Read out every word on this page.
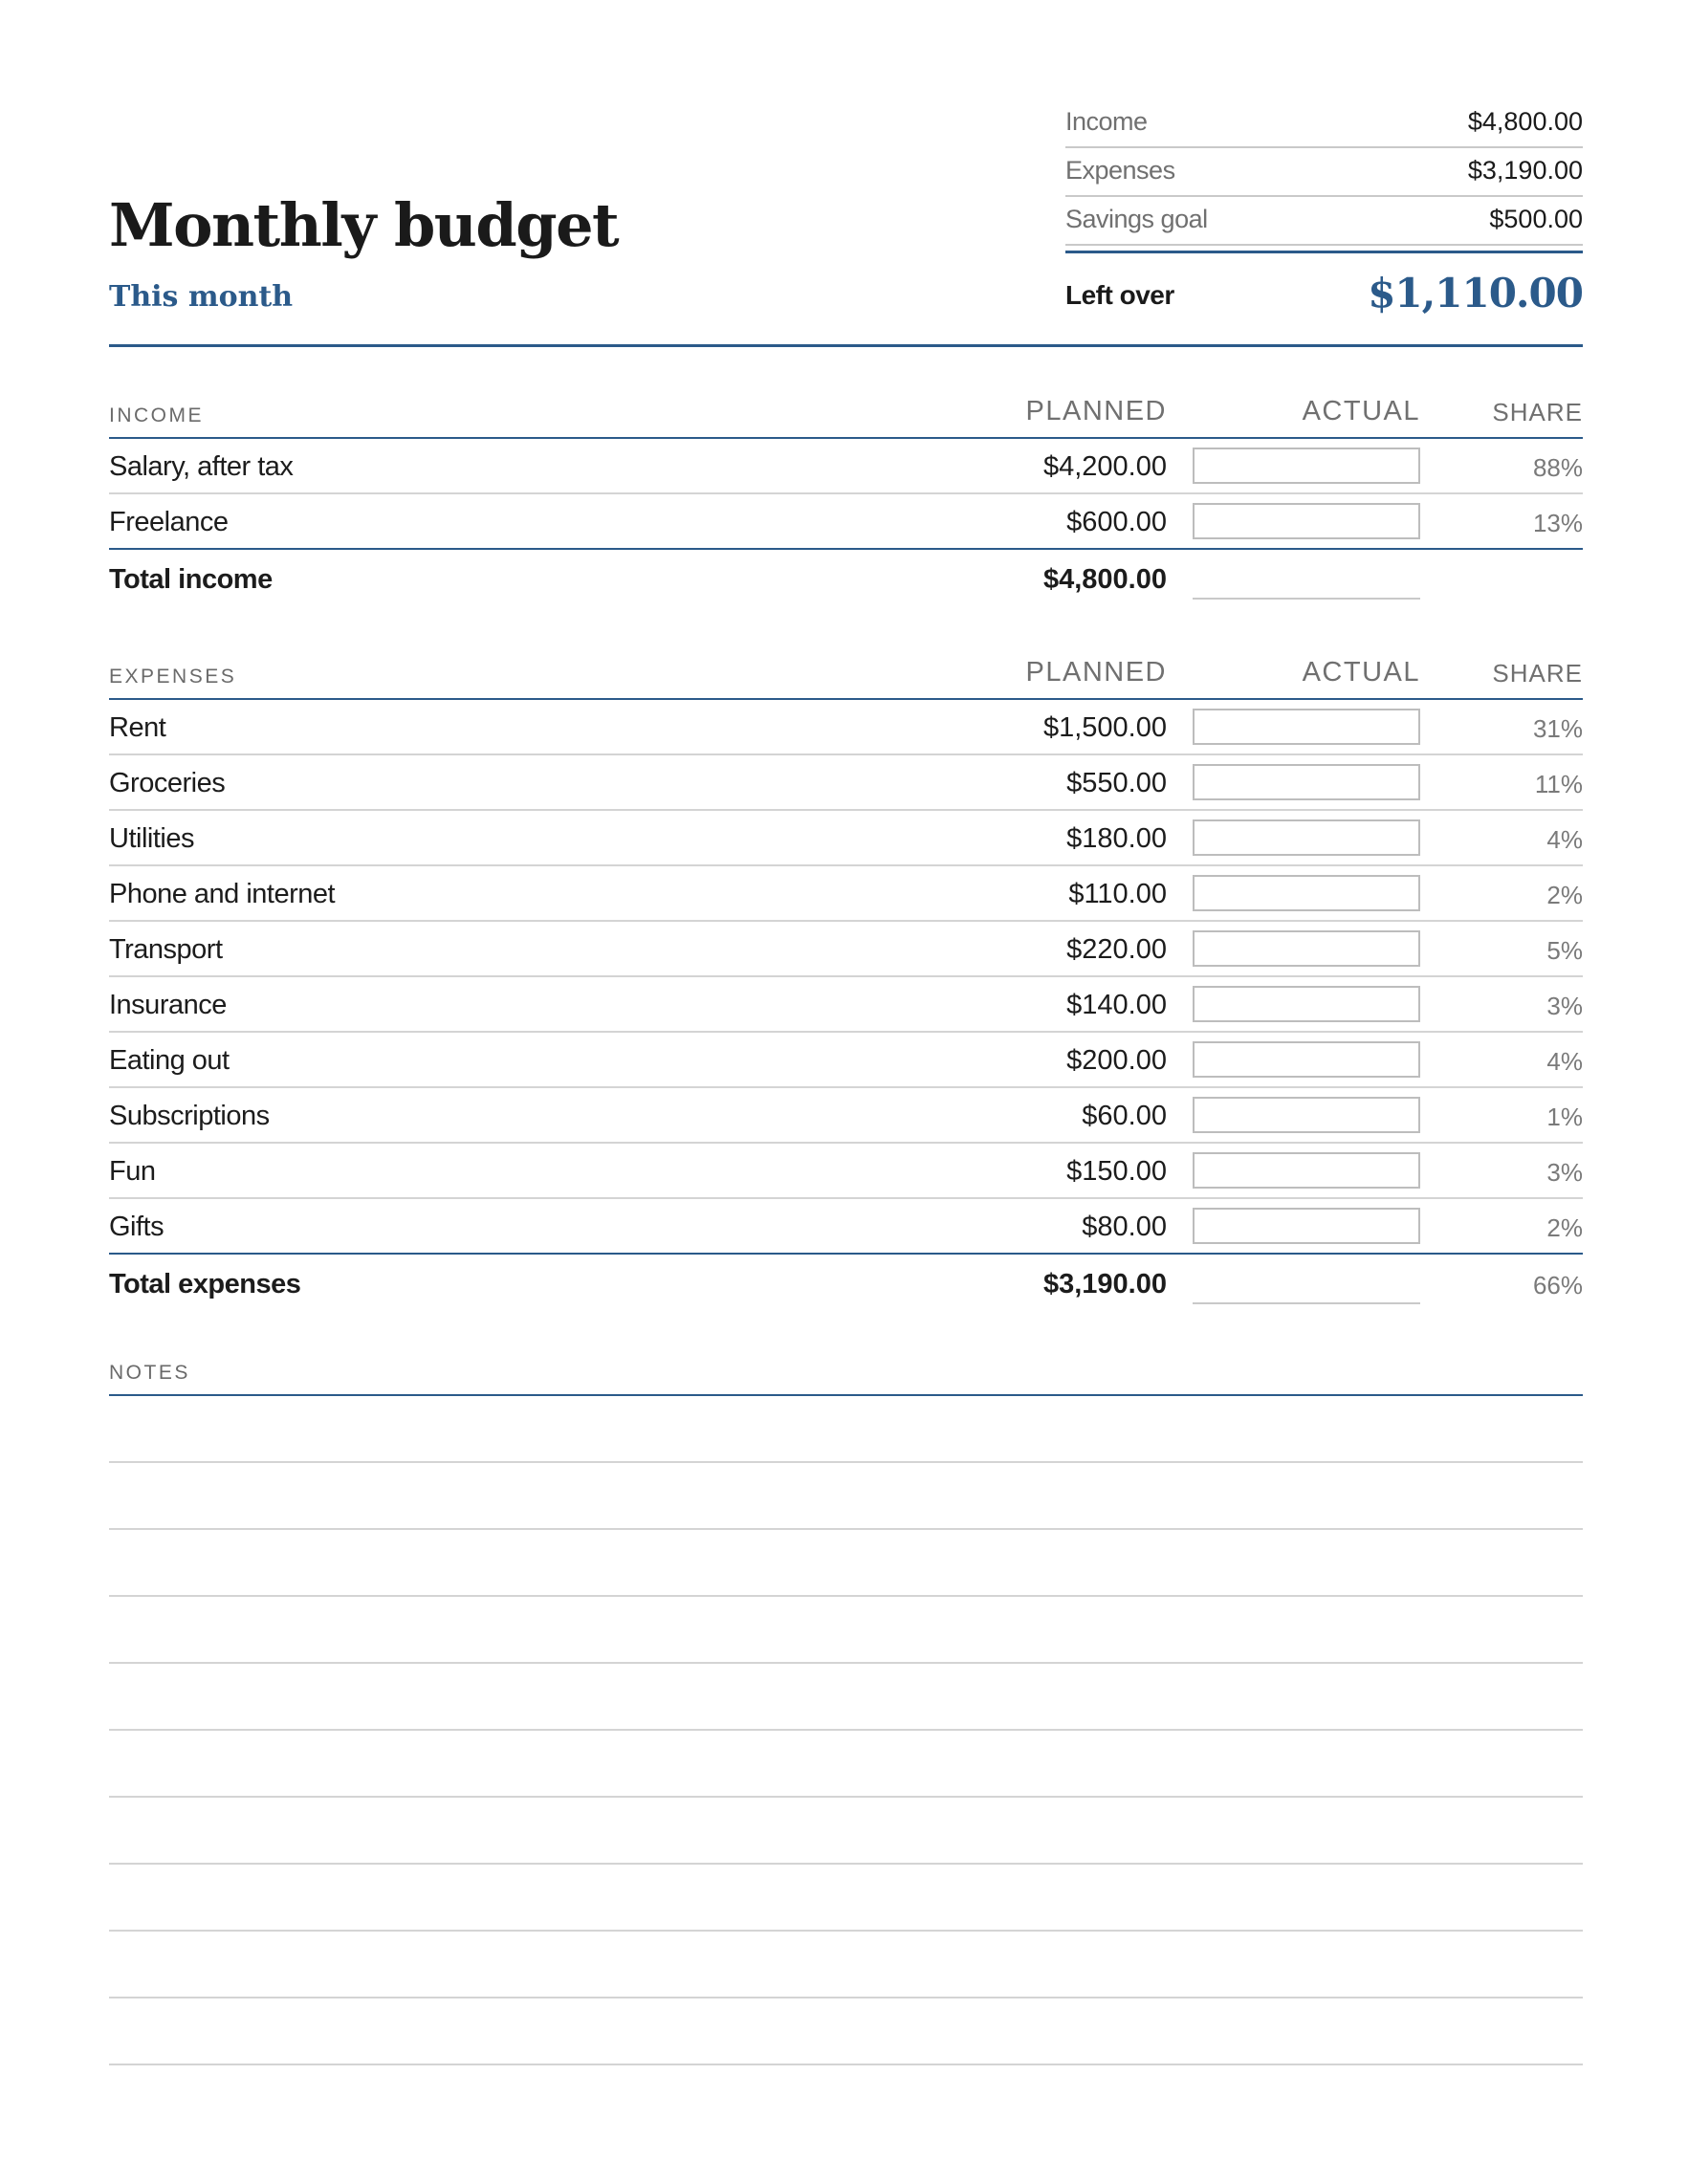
Monthly budget
This month
Income	$4,800.00
Expenses	$3,190.00
Savings goal	$500.00
Left over	$1,110.00
INCOME	PLANNED	ACTUAL	SHARE
Salary, after tax	$4,200.00	88%
Freelance	$600.00	13%
Total income	$4,800.00
EXPENSES	PLANNED	ACTUAL	SHARE
Rent	$1,500.00	31%
Groceries	$550.00	11%
Utilities	$180.00	4%
Phone and internet	$110.00	2%
Transport	$220.00	5%
Insurance	$140.00	3%
Eating out	$200.00	4%
Subscriptions	$60.00	1%
Fun	$150.00	3%
Gifts	$80.00	2%
Total expenses	$3,190.00	66%
NOTES
